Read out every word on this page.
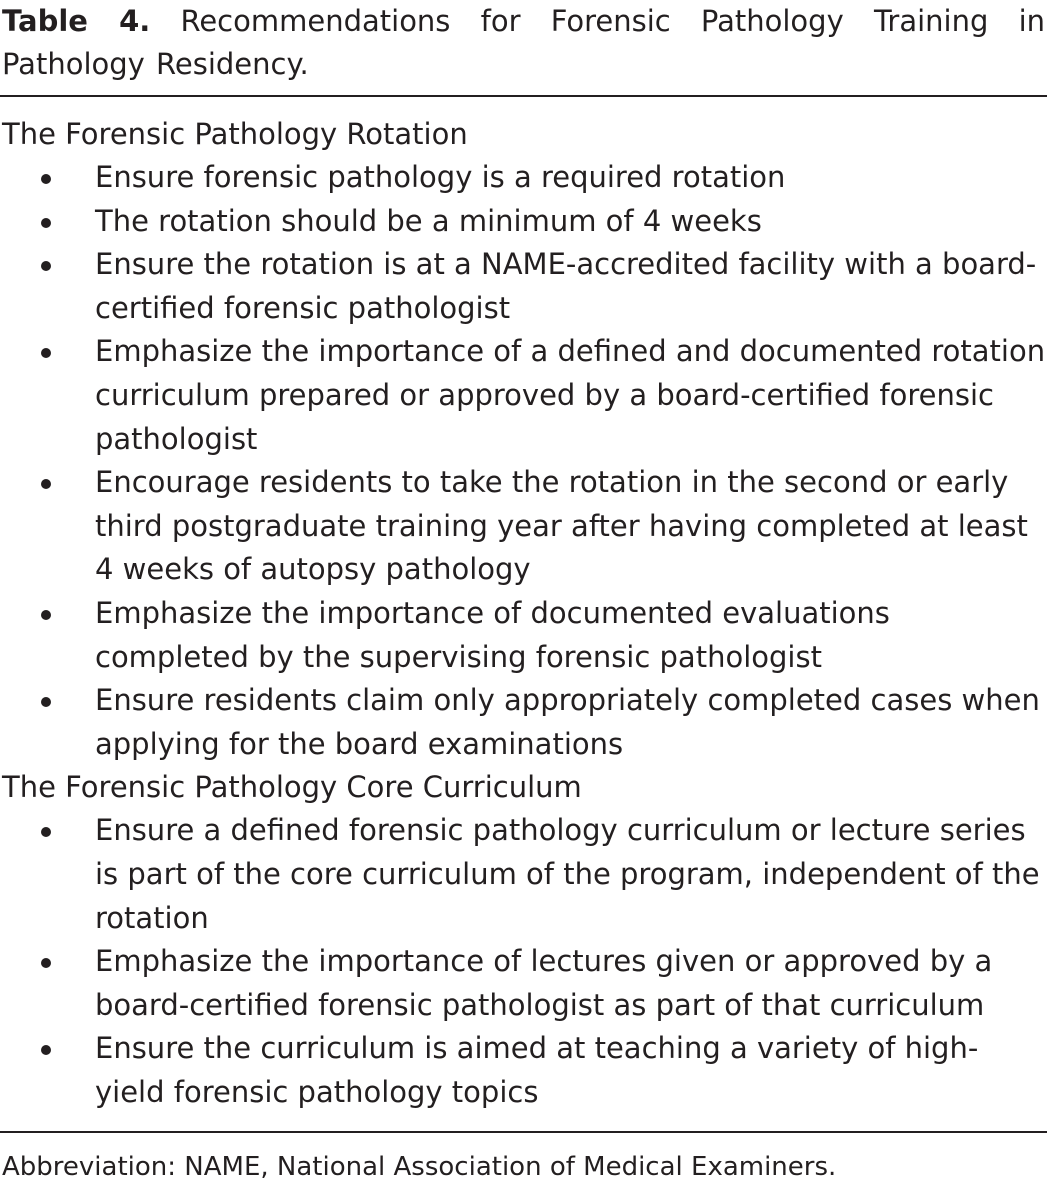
Table 4. Recommendations for Forensic Pathology Training in Pathology Residency.
The Forensic Pathology Rotation
Ensure forensic pathology is a required rotation
The rotation should be a minimum of 4 weeks
Ensure the rotation is at a NAME-accredited facility with a board-certified forensic pathologist
Emphasize the importance of a defined and documented rotation curriculum prepared or approved by a board-certified forensic pathologist
Encourage residents to take the rotation in the second or early third postgraduate training year after having completed at least 4 weeks of autopsy pathology
Emphasize the importance of documented evaluations completed by the supervising forensic pathologist
Ensure residents claim only appropriately completed cases when applying for the board examinations
The Forensic Pathology Core Curriculum
Ensure a defined forensic pathology curriculum or lecture series is part of the core curriculum of the program, independent of the rotation
Emphasize the importance of lectures given or approved by a board-certified forensic pathologist as part of that curriculum
Ensure the curriculum is aimed at teaching a variety of high-yield forensic pathology topics
Abbreviation: NAME, National Association of Medical Examiners.
